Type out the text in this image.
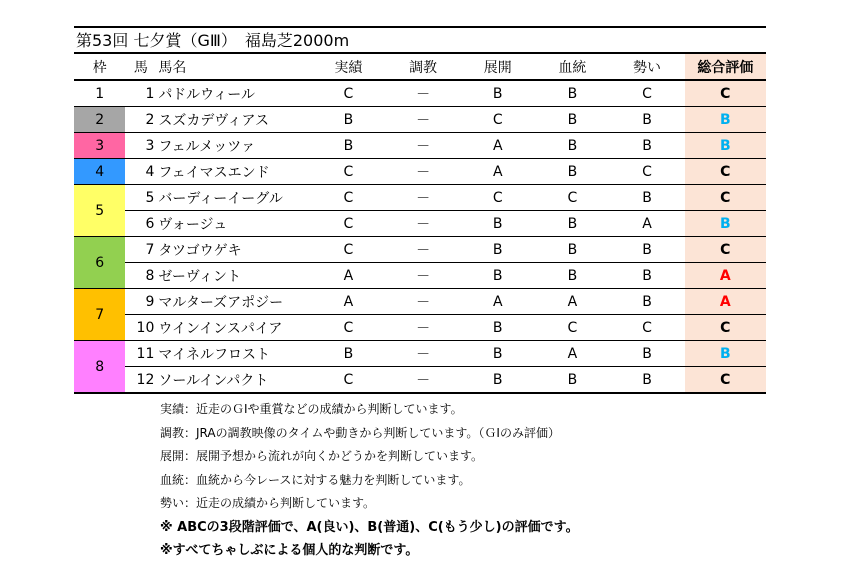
第53回 七夕賞（GⅢ）　福島芝2000m
枠	馬	馬名	実績	調教	展開	血統	勢い	総合評価
1	1	パドルウィール	C	－	B	B	C	C
2	2	スズカデヴィアス	B	－	C	B	B	B
3	3	フェルメッツァ	B	－	A	B	B	B
4	4	フェイマスエンド	C	－	A	B	C	C
5	5	バーディーイーグル	C	－	C	C	B	C
	6	ヴォージュ	C	－	B	B	A	B
6	7	タツゴウゲキ	C	－	B	B	B	C
	8	ゼーヴィント	A	－	B	B	B	A
7	9	マルターズアポジー	A	－	A	A	B	A
	10	ウインインスパイア	C	－	B	C	C	C
8	11	マイネルフロスト	B	－	B	A	B	B
	12	ソールインパクト	C	－	B	B	B	C
実績：近走のＧⅠや重賞などの成績から判断しています。
調教：JRAの調教映像のタイムや動きから判断しています。（ＧⅠのみ評価）
展開：展開予想から流れが向くかどうかを判断しています。
血統：血統から今レースに対する魅力を判断しています。
勢い：近走の成績から判断しています。
※ ABCの3段階評価で、A(良い)、B(普通)、C(もう少し)の評価です。
※すべてちゃしぶによる個人的な判断です。
